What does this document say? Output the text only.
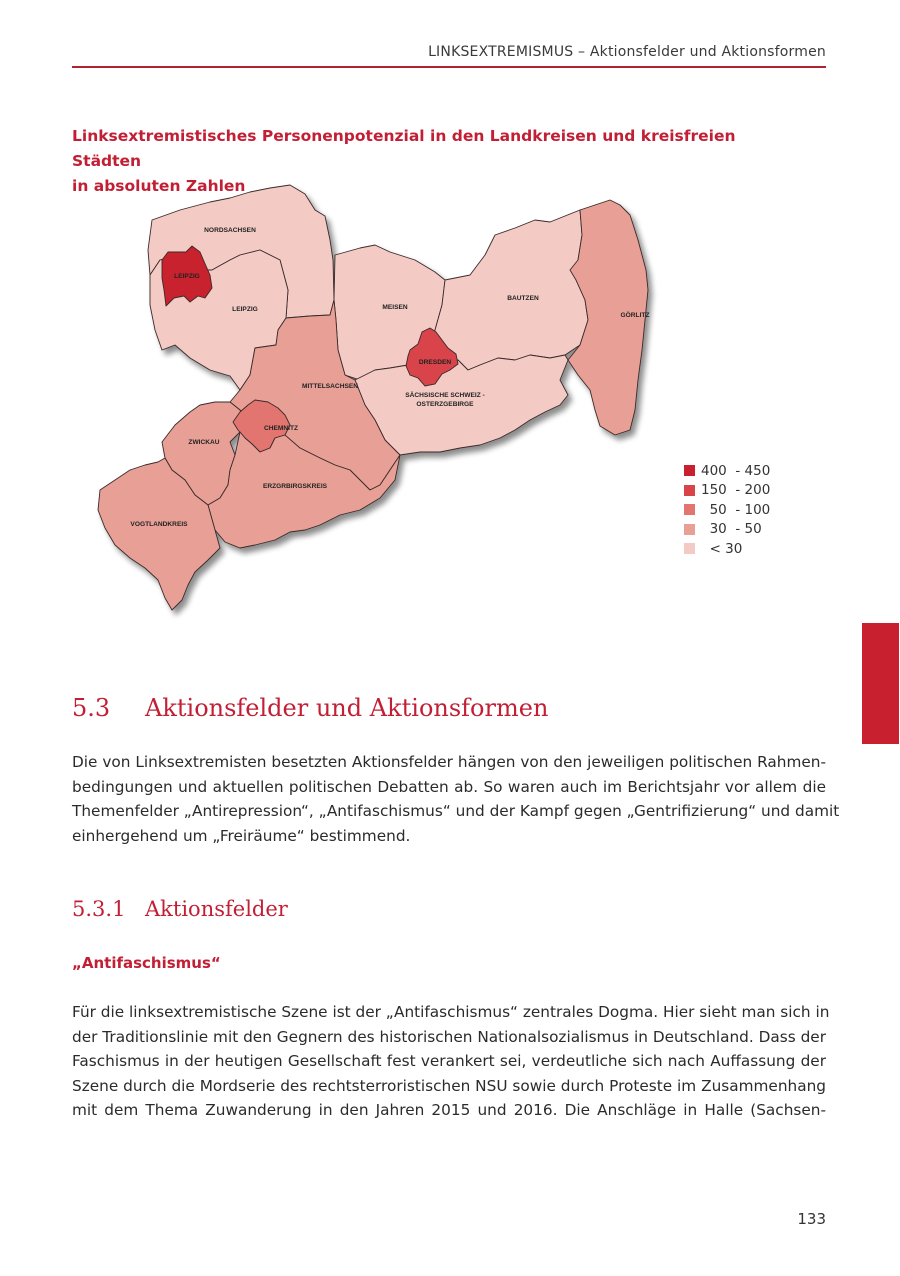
LINKSEXTREMISMUS – Aktionsfelder und Aktionsformen
Linksextremistisches Personenpotenzial in den Landkreisen und kreisfreien Städten
in absoluten Zahlen
NORDSACHSEN
LEIPZIG
LEIPZIG	MEISEN
BAUTZEN
GÖRLITZ
DRESDEN
MITTELSACHSEN
SÄCHSISCHE SCHWEIZ -
OSTERZGEBIRGE
CHEMNITZ
ZWICKAU
ERZGRBIRGSKREIS
VOGTLANDKREIS
400  - 450
150  - 200
50  - 100
30  - 50
< 30
5.3	Aktionsfelder und Aktionsformen
Die von Linksextremisten besetzten Aktionsfelder hängen von den jeweiligen politischen Rahmen-
bedingungen und aktuellen politischen Debatten ab. So waren auch im Berichtsjahr vor allem die
Themenfelder „Antirepression“, „Antifaschismus“ und der Kampf gegen „Gentrifizierung“ und damit
einhergehend um „Freiräume“ bestimmend.
5.3.1 Aktionsfelder
„Antifaschismus“
Für die linksextremistische Szene ist der „Antifaschismus“ zentrales Dogma. Hier sieht man sich in
der Traditionslinie mit den Gegnern des historischen Nationalsozialismus in Deutschland. Dass der
Faschismus in der heutigen Gesellschaft fest verankert sei, verdeutliche sich nach Auffassung der
Szene durch die Mordserie des rechtsterroristischen NSU sowie durch Proteste im Zusammenhang
mit dem Thema Zuwanderung in den Jahren 2015 und 2016. Die Anschläge in Halle (Sachsen-
133
